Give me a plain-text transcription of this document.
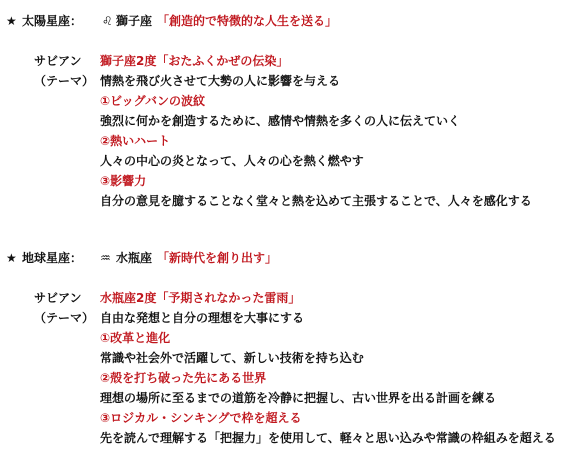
★ 太陽星座： ♌ 獅子座 「創造的で特徴的な人生を送る」
サビアン
（テーマ）
獅子座2度「おたふくかぜの伝染」
情熱を飛び火させて大勢の人に影響を与える
①ビッグバンの波紋
強烈に何かを創造するために、感情や情熱を多くの人に伝えていく
②熱いハート
人々の中心の炎となって、人々の心を熱く燃やす
③影響力
自分の意見を臆することなく堂々と熱を込めて主張することで、人々を感化する
★ 地球星座： ♒ 水瓶座 「新時代を創り出す」
サビアン
（テーマ）
水瓶座2度「予期されなかった雷雨」
自由な発想と自分の理想を大事にする
①改革と進化
常識や社会外で活躍して、新しい技術を持ち込む
②殻を打ち破った先にある世界
理想の場所に至るまでの道筋を冷静に把握し、古い世界を出る計画を練る
③ロジカル・シンキングで枠を超える
先を読んで理解する「把握力」を使用して、軽々と思い込みや常識の枠組みを超える
